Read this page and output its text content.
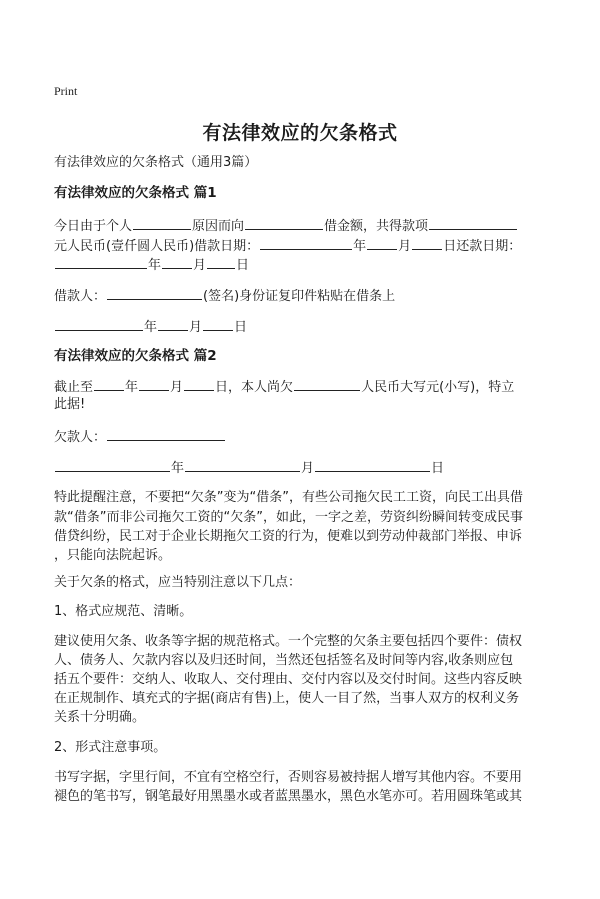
Print
有法律效应的欠条格式
有法律效应的欠条格式（通用3篇）
有法律效应的欠条格式 篇1
今日由于个人	原因而向	借金额，共得款项
元人民币(壹仟圆人民币)借款日期：	年 月 日还款日期：
年 月 日
借款人：	(签名)身份证复印件粘贴在借条上
年 月 日
有法律效应的欠条格式 篇2
截止至 年 月 日，本人尚欠	人民币大写元(小写)，特立
此据!
欠款人：
年	月	日
特此提醒注意，不要把“欠条”变为“借条”，有些公司拖欠民工工资，向民工出具借
款“借条”而非公司拖欠工资的“欠条”，如此，一字之差，劳资纠纷瞬间转变成民事
借贷纠纷，民工对于企业长期拖欠工资的行为，便难以到劳动仲裁部门举报、申诉
，只能向法院起诉。
关于欠条的格式，应当特别注意以下几点：
1、格式应规范、清晰。
建议使用欠条、收条等字据的规范格式。一个完整的欠条主要包括四个要件：债权
人、债务人、欠款内容以及归还时间，当然还包括签名及时间等内容,收条则应包
括五个要件：交纳人、收取人、交付理由、交付内容以及交付时间。这些内容反映
在正规制作、填充式的字据(商店有售)上，使人一目了然，当事人双方的权利义务
关系十分明确。
2、形式注意事项。
书写字据，字里行间，不宜有空格空行，否则容易被持据人增写其他内容。不要用
褪色的笔书写，钢笔最好用黑墨水或者蓝黑墨水，黑色水笔亦可。若用圆珠笔或其
